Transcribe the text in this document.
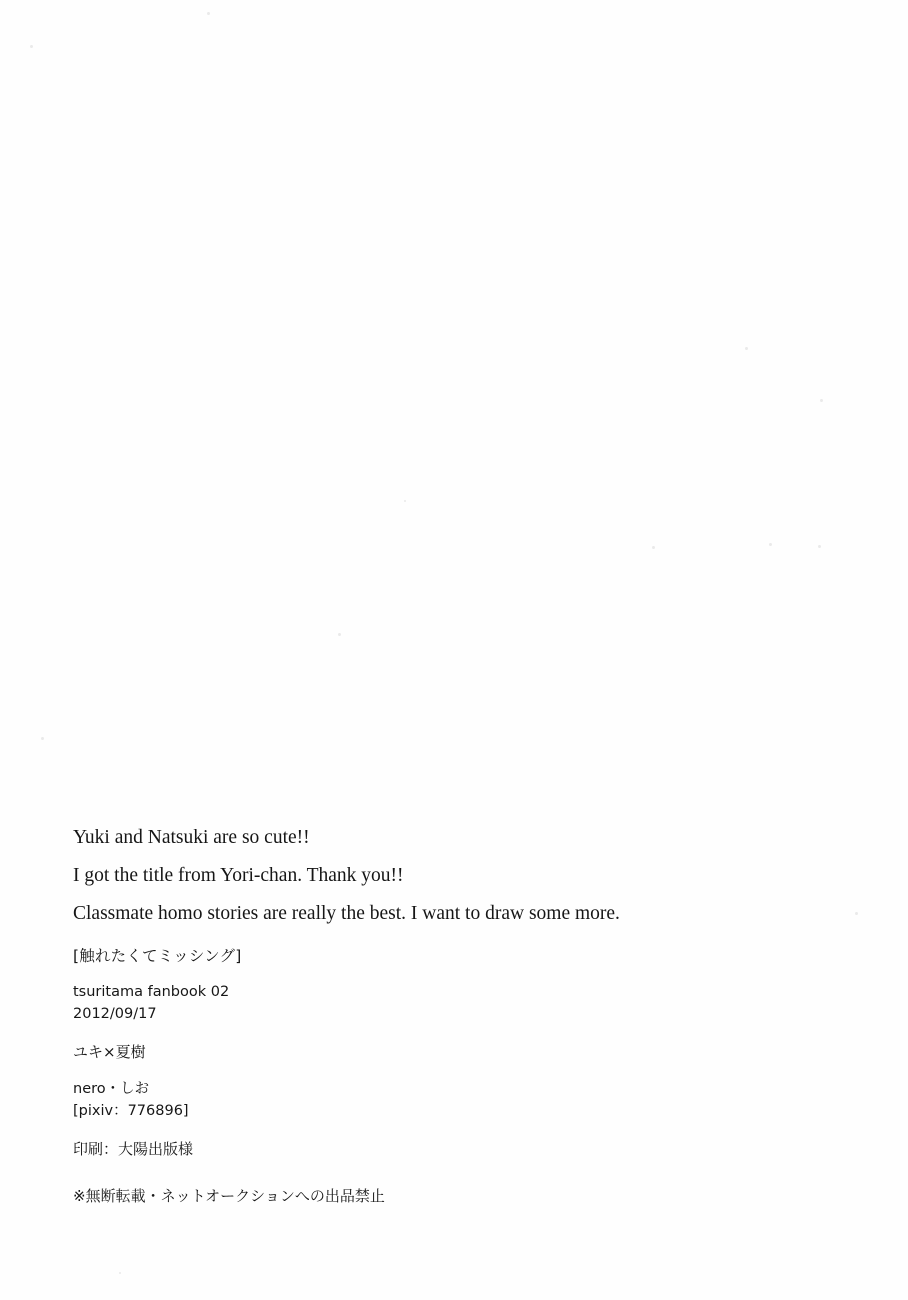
Yuki and Natsuki are so cute!!

I got the title from Yori-chan. Thank you!!

Classmate homo stories are really the best. I want to draw some more.

[触れたくてミッシング]
tsuritama fanbook 02
2012/09/17
ユキ×夏樹
nero・しお
[pixiv：776896]
印刷：大陽出版様
※無断転載・ネットオークションへの出品禁止
